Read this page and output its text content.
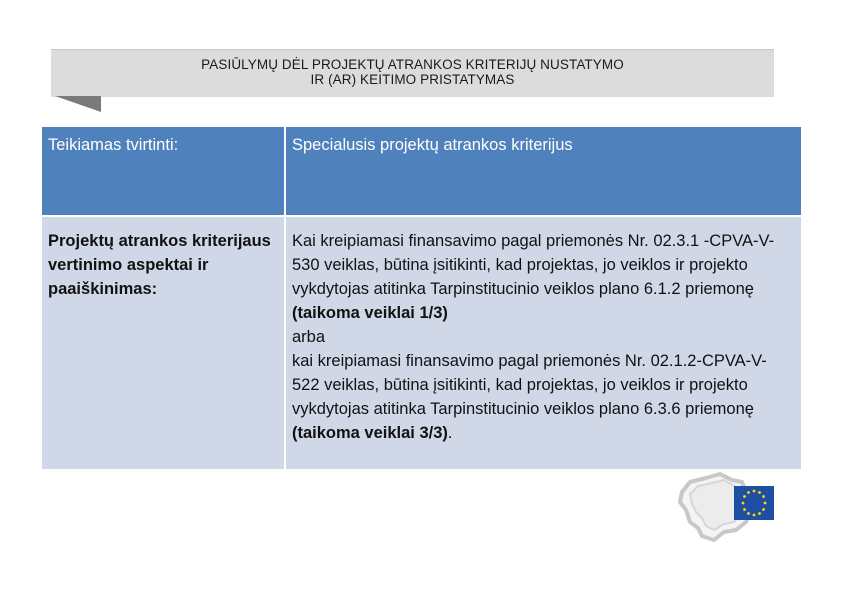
PASIŪLYMŲ DĖL PROJEKTŲ ATRANKOS KRITERIJŲ NUSTATYMO
IR (AR) KEITIMO PRISTATYMAS
Teikiamas tvirtinti:	Specialusis projektų atrankos kriterijus

Projektų atrankos kriterijaus vertinimo aspektai ir paaiškinimas:	Kai kreipiamasi finansavimo pagal priemonės Nr. 02.3.1 -CPVA-V-530 veiklas, būtina įsitikinti, kad projektas, jo veiklos ir projekto vykdytojas atitinka Tarpinstitucinio veiklos plano 6.1.2 priemonę (taikoma veiklai 1/3)
arba
kai kreipiamasi finansavimo pagal priemonės Nr. 02.1.2-CPVA-V-522 veiklas, būtina įsitikinti, kad projektas, jo veiklos ir projekto vykdytojas atitinka Tarpinstitucinio veiklos plano 6.3.6 priemonę (taikoma veiklai 3/3).
